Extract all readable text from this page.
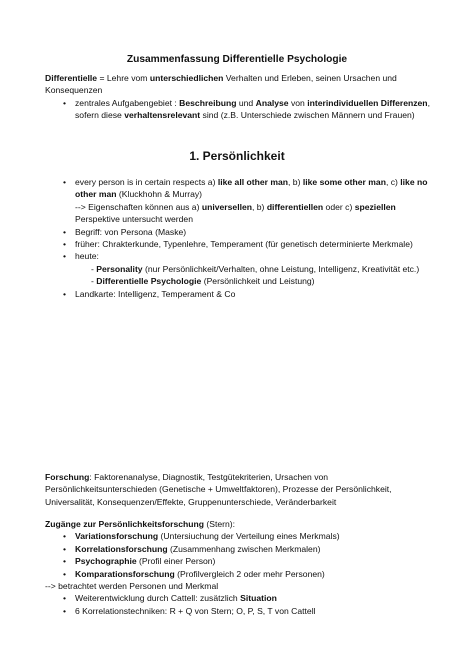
Zusammenfassung Differentielle Psychologie
Differentielle = Lehre vom unterschiedlichen Verhalten und Erleben, seinen Ursachen und
Konsequenzen
• zentrales Aufgabengebiet : Beschreibung und Analyse von interindividuellen Differenzen,
sofern diese verhaltensrelevant sind (z.B. Unterschiede zwischen Männern und Frauen)
1. Persönlichkeit
• every person is in certain respects a) like all other man, b) like some other man, c) like no
other man (Kluckhohn & Murray)
--> Eigenschaften können aus a) universellen, b) differentiellen oder c) speziellen
Perspektive untersucht werden
• Begriff: von Persona (Maske)
• früher: Chrakterkunde, Typenlehre, Temperament (für genetisch determinierte Merkmale)
• heute:
- Personality (nur Persönlichkeit/Verhalten, ohne Leistung, Intelligenz, Kreativität etc.)
- Differentielle Psychologie (Persönlichkeit und Leistung)
• Landkarte: Intelligenz, Temperament & Co
Forschung: Faktorenanalyse, Diagnostik, Testgütekriterien, Ursachen von
Persönlichkeitsunterschieden (Genetische + Umweltfaktoren), Prozesse der Persönlichkeit,
Universalität, Konsequenzen/Effekte, Gruppenunterschiede, Veränderbarkeit
Zugänge zur Persönlichkeitsforschung (Stern):
• Variationsforschung (Untersiuchung der Verteilung eines Merkmals)
• Korrelationsforschung (Zusammenhang zwischen Merkmalen)
• Psychographie (Profil einer Person)
• Komparationsforschung (Profilvergleich 2 oder mehr Personen)
--> betrachtet werden Personen und Merkmal
• Weiterentwicklung durch Cattell: zusätzlich Situation
• 6 Korrelationstechniken: R + Q von Stern; O, P, S, T von Cattell
